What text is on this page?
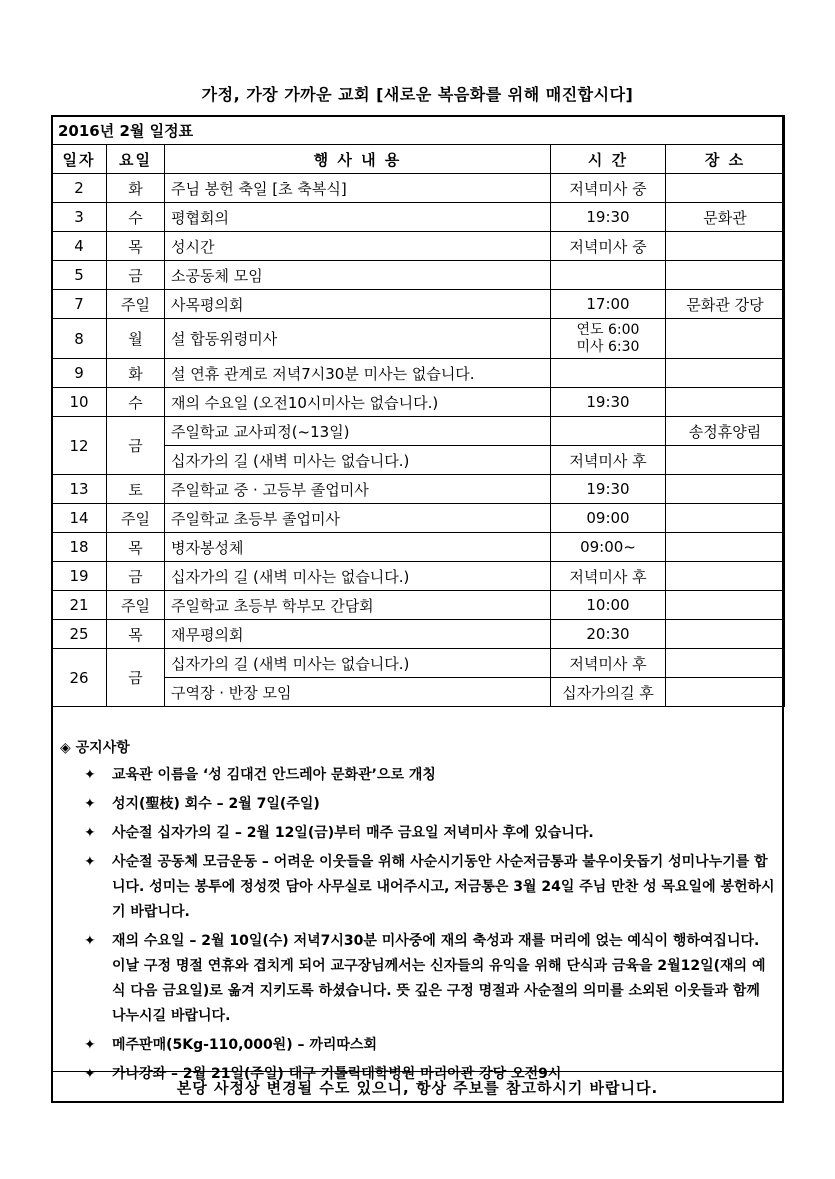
가정, 가장 가까운 교회 [새로운 복음화를 위해 매진합시다]
2016년 2월 일정표				
일자	요일	행 사 내 용	시 간	장 소
2	화	주님 봉헌 축일 [초 축복식]	저녁미사 중	
3	수	평협회의	19:30	문화관
4	목	성시간	저녁미사 중	
5	금	소공동체 모임		
7	주일	사목평의회	17:00	문화관 강당
8	월	설 합동위령미사	연도 6:00
미사 6:30	

9	화	설 연휴 관계로 저녁7시30분 미사는 없습니다.		
10	수	재의 수요일 (오전10시미사는 없습니다.)	19:30	
12	금	주일학교 교사피정(~13일)		송정휴양림
		십자가의 길 (새벽 미사는 없습니다.)	저녁미사 후	
13	토	주일학교 중 · 고등부 졸업미사	19:30	
14	주일	주일학교 초등부 졸업미사	09:00	
18	목	병자봉성체	09:00~	
19	금	십자가의 길 (새벽 미사는 없습니다.)	저녁미사 후	
21	주일	주일학교 초등부 학부모 간담회	10:00	
25	목	재무평의회	20:30	
26	금	십자가의 길 (새벽 미사는 없습니다.)	저녁미사 후	
		구역장 · 반장 모임	십자가의길 후	
◈ 공지사항
✦ 교육관 이름을 ‘성 김대건 안드레아 문화관’으로 개칭
✦ 성지(聖枝) 회수 – 2월 7일(주일)
✦ 사순절 십자가의 길 – 2월 12일(금)부터 매주 금요일 저녁미사 후에 있습니다.
✦ 사순절 공동체 모금운동 – 어려운 이웃들을 위해 사순시기동안 사순저금통과 불우이웃돕기 성미나누기를 합니다. 성미는 봉투에 정성껏 담아 사무실로 내어주시고, 저금통은 3월 24일 주님 만찬 성 목요일에 봉헌하시기 바랍니다.
✦ 재의 수요일 – 2월 10일(수) 저녁7시30분 미사중에 재의 축성과 재를 머리에 얹는 예식이 행하여집니다. 이날 구정 명절 연휴와 겹치게 되어 교구장님께서는 신자들의 유익을 위해 단식과 금육을 2월12일(재의 예식 다음 금요일)로 옮겨 지키도록 하셨습니다. 뜻 깊은 구정 명절과 사순절의 의미를 소외된 이웃들과 함께 나누시길 바랍니다.
✦ 메주판매(5Kg-110,000원) – 까리따스회
✦ 가나강좌 – 2월 21일(주일) 대구 기톨릭대학병원 마리아관 강당 오전9시
본당 사정상 변경될 수도 있으니, 항상 주보를 참고하시기 바랍니다.
